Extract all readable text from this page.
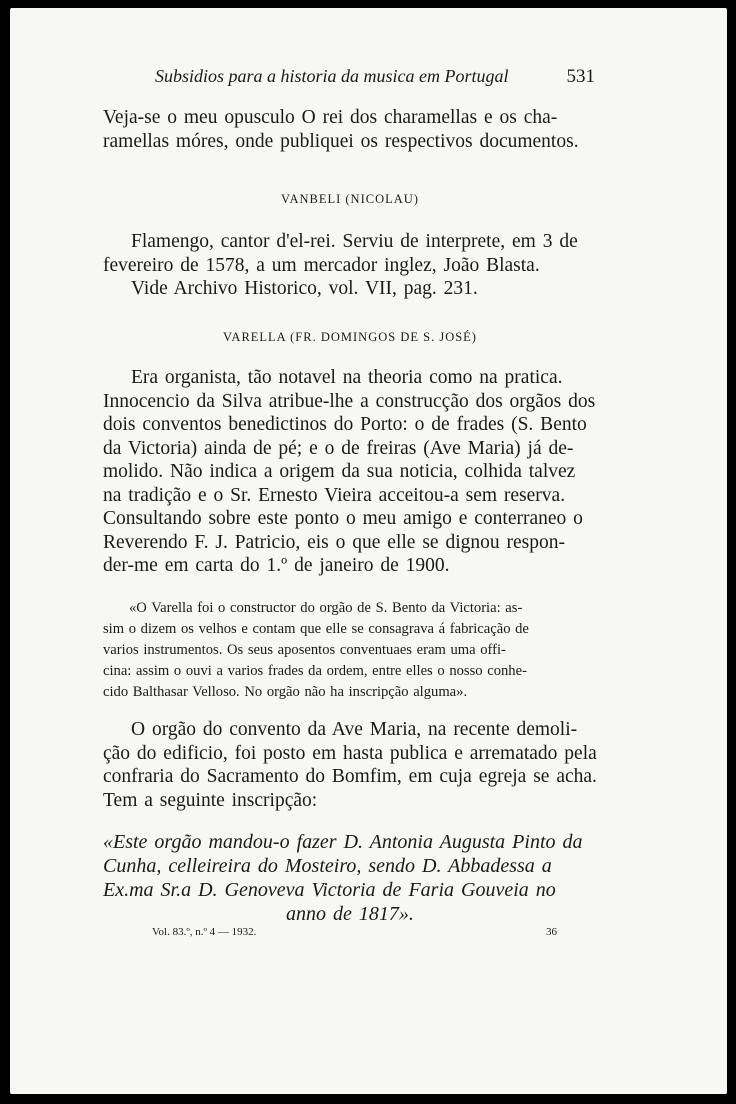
Subsidios para a historia da musica em Portugal	531
Veja-se o meu opusculo O rei dos charamellas e os cha-
ramellas móres, onde publiquei os respectivos documentos.
VANBELI (NICOLAU)
Flamengo, cantor d'el-rei. Serviu de interprete, em 3 de
fevereiro de 1578, a um mercador inglez, João Blasta.
Vide Archivo Historico, vol. VII, pag. 231.
VARELLA (FR. DOMINGOS DE S. JOSÉ)
Era organista, tão notavel na theoria como na pratica.
Innocencio da Silva atribue-lhe a construcção dos orgãos dos
dois conventos benedictinos do Porto: o de frades (S. Bento
da Victoria) ainda de pé; e o de freiras (Ave Maria) já de-
molido. Não indica a origem da sua noticia, colhida talvez
na tradição e o Sr. Ernesto Vieira acceitou-a sem reserva.
Consultando sobre este ponto o meu amigo e conterraneo o
Reverendo F. J. Patricio, eis o que elle se dignou respon-
der-me em carta do 1.º de janeiro de 1900.
«O Varella foi o constructor do orgão de S. Bento da Victoria: as-
sim o dizem os velhos e contam que elle se consagrava á fabricação de
varios instrumentos. Os seus aposentos conventuaes eram uma offi-
cina: assim o ouvi a varios frades da ordem, entre elles o nosso conhe-
cido Balthasar Velloso. No orgão não ha inscripção alguma».
O orgão do convento da Ave Maria, na recente demoli-
ção do edificio, foi posto em hasta publica e arrematado pela
confraria do Sacramento do Bomfim, em cuja egreja se acha.
Tem a seguinte inscripção:
«Este orgão mandou-o fazer D. Antonia Augusta Pinto da
Cunha, celleireira do Mosteiro, sendo D. Abbadessa a
Ex.ma Sr.a D. Genoveva Victoria de Faria Gouveia no
anno de 1817».
Vol. 83.º, n.º 4 — 1932.	36
